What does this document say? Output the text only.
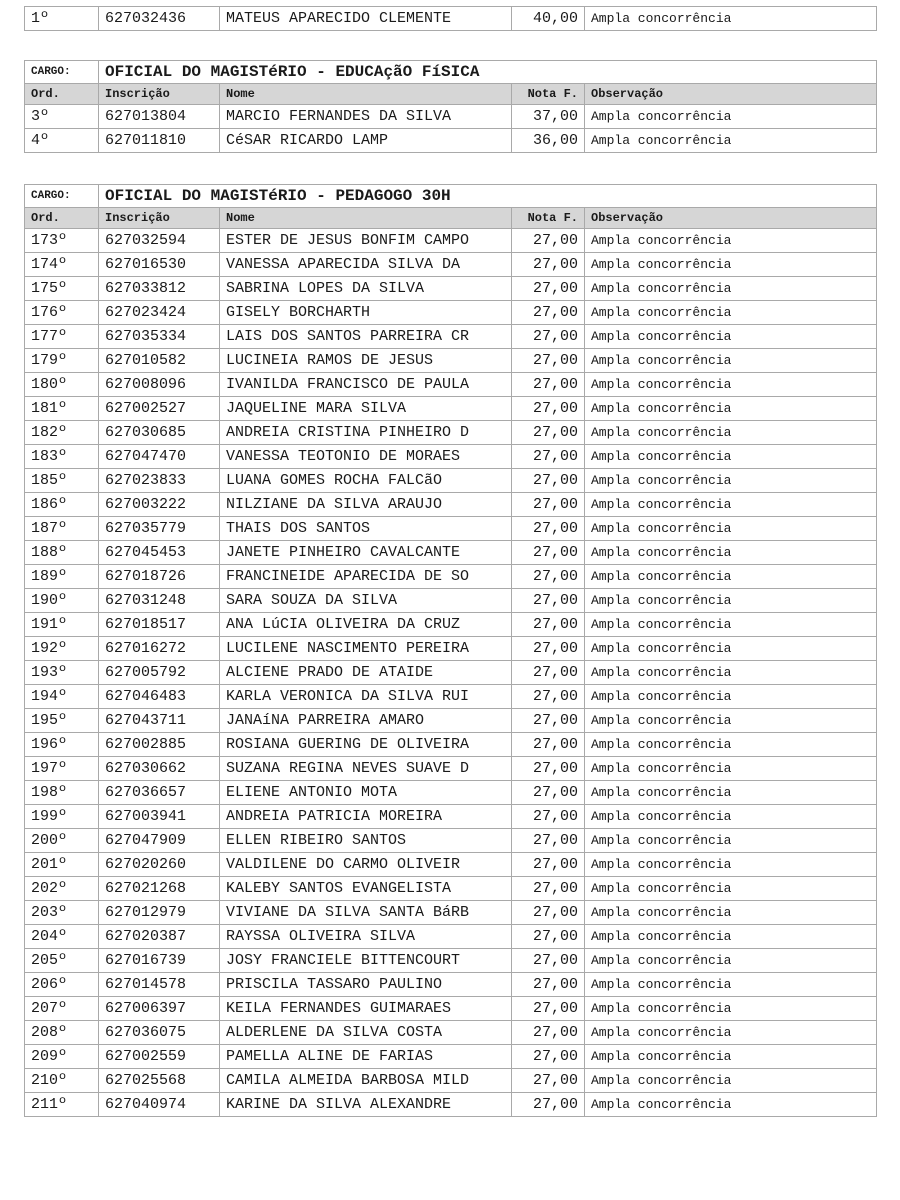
1º	627032436	MATEUS APARECIDO CLEMENTE	40,00	Ampla concorrência
CARGO:	OFICIAL DO MAGISTéRIO - EDUCAçãO FíSICA			
Ord.	Inscrição	Nome	Nota F.	Observação
3º	627013804	MARCIO FERNANDES DA SILVA	37,00	Ampla concorrência
4º	627011810	CéSAR RICARDO LAMP	36,00	Ampla concorrência
CARGO:	OFICIAL DO MAGISTéRIO - PEDAGOGO 30H			
Ord.	Inscrição	Nome	Nota F.	Observação
173º	627032594	ESTER DE JESUS BONFIM CAMPO	27,00	Ampla concorrência
174º	627016530	VANESSA APARECIDA SILVA DA	27,00	Ampla concorrência
175º	627033812	SABRINA LOPES DA SILVA	27,00	Ampla concorrência
176º	627023424	GISELY BORCHARTH	27,00	Ampla concorrência
177º	627035334	LAIS DOS SANTOS PARREIRA CR	27,00	Ampla concorrência
179º	627010582	LUCINEIA RAMOS DE JESUS	27,00	Ampla concorrência
180º	627008096	IVANILDA FRANCISCO DE PAULA	27,00	Ampla concorrência
181º	627002527	JAQUELINE MARA SILVA	27,00	Ampla concorrência
182º	627030685	ANDREIA CRISTINA PINHEIRO D	27,00	Ampla concorrência
183º	627047470	VANESSA TEOTONIO DE MORAES	27,00	Ampla concorrência
185º	627023833	LUANA GOMES ROCHA FALCãO	27,00	Ampla concorrência
186º	627003222	NILZIANE DA SILVA ARAUJO	27,00	Ampla concorrência
187º	627035779	THAIS DOS SANTOS	27,00	Ampla concorrência
188º	627045453	JANETE PINHEIRO CAVALCANTE	27,00	Ampla concorrência
189º	627018726	FRANCINEIDE APARECIDA DE SO	27,00	Ampla concorrência
190º	627031248	SARA SOUZA DA SILVA	27,00	Ampla concorrência
191º	627018517	ANA LúCIA OLIVEIRA DA CRUZ	27,00	Ampla concorrência
192º	627016272	LUCILENE NASCIMENTO PEREIRA	27,00	Ampla concorrência
193º	627005792	ALCIENE PRADO DE ATAIDE	27,00	Ampla concorrência
194º	627046483	KARLA VERONICA DA SILVA RUI	27,00	Ampla concorrência
195º	627043711	JANAíNA PARREIRA AMARO	27,00	Ampla concorrência
196º	627002885	ROSIANA GUERING DE OLIVEIRA	27,00	Ampla concorrência
197º	627030662	SUZANA REGINA NEVES SUAVE D	27,00	Ampla concorrência
198º	627036657	ELIENE ANTONIO MOTA	27,00	Ampla concorrência
199º	627003941	ANDREIA PATRICIA MOREIRA	27,00	Ampla concorrência
200º	627047909	ELLEN RIBEIRO SANTOS	27,00	Ampla concorrência
201º	627020260	VALDILENE DO CARMO OLIVEIR	27,00	Ampla concorrência
202º	627021268	KALEBY SANTOS EVANGELISTA	27,00	Ampla concorrência
203º	627012979	VIVIANE DA SILVA SANTA BáRB	27,00	Ampla concorrência
204º	627020387	RAYSSA OLIVEIRA SILVA	27,00	Ampla concorrência
205º	627016739	JOSY FRANCIELE BITTENCOURT	27,00	Ampla concorrência
206º	627014578	PRISCILA TASSARO PAULINO	27,00	Ampla concorrência
207º	627006397	KEILA FERNANDES GUIMARAES	27,00	Ampla concorrência
208º	627036075	ALDERLENE DA SILVA COSTA	27,00	Ampla concorrência
209º	627002559	PAMELLA ALINE DE FARIAS	27,00	Ampla concorrência
210º	627025568	CAMILA ALMEIDA BARBOSA MILD	27,00	Ampla concorrência
211º	627040974	KARINE DA SILVA ALEXANDRE	27,00	Ampla concorrência
